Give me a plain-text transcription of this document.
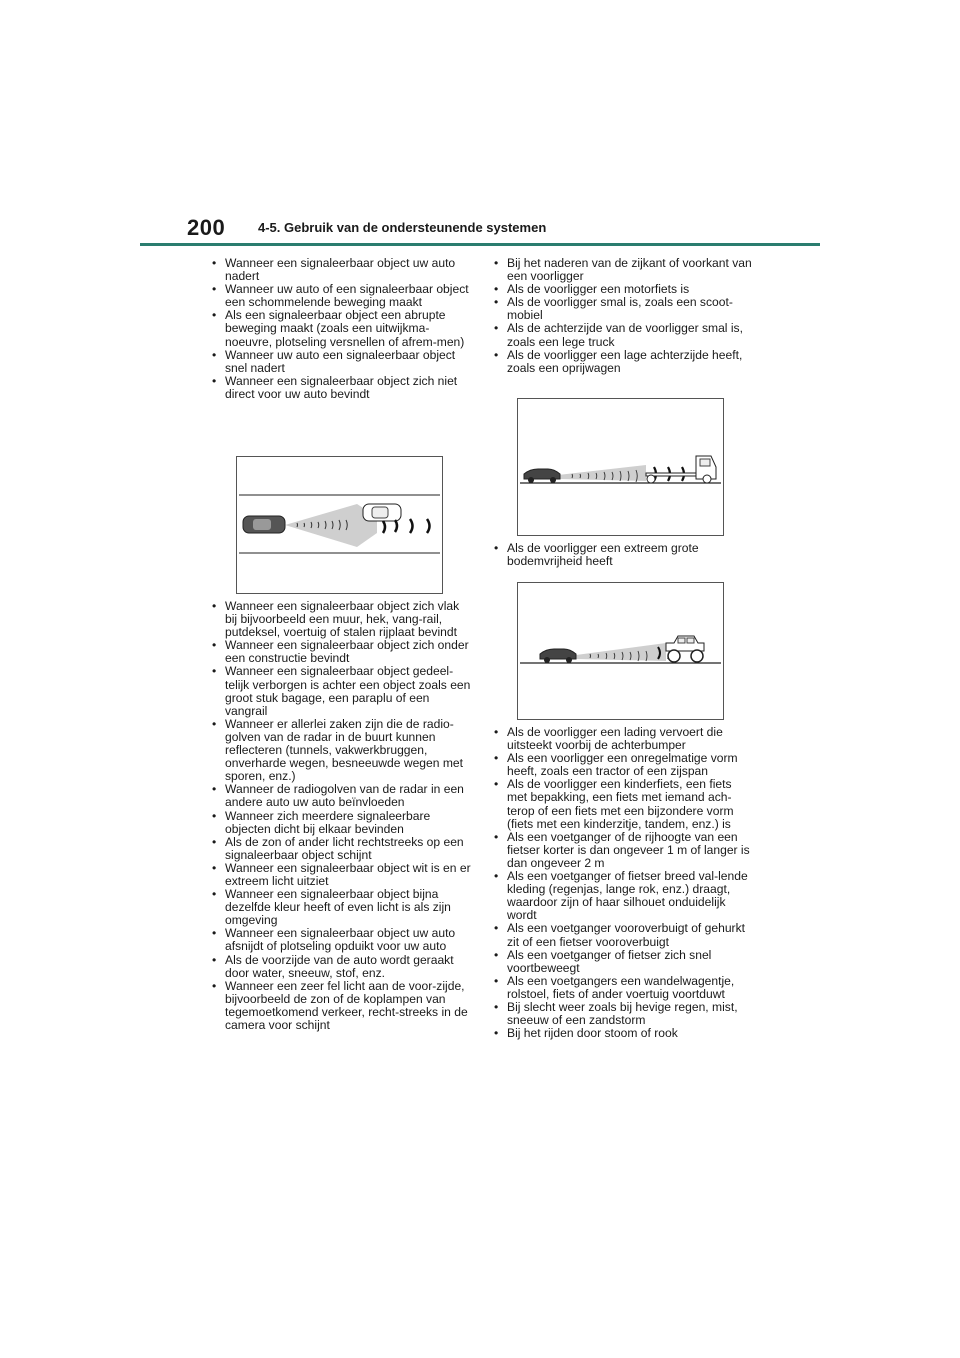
200	4-5. Gebruik van de ondersteunende systemen
• Wanneer een signaleerbaar object uw auto nadert
• Wanneer uw auto of een signaleerbaar object een schommelende beweging maakt
• Als een signaleerbaar object een abrupte beweging maakt (zoals een uitwijkma-noeuvre, plotseling versnellen of afrem-men)
• Wanneer uw auto een signaleerbaar object snel nadert
• Wanneer een signaleerbaar object zich niet direct voor uw auto bevindt
• Wanneer een signaleerbaar object zich vlak bij bijvoorbeeld een muur, hek, vang-rail, putdeksel, voertuig of stalen rijplaat bevindt
• Wanneer een signaleerbaar object zich onder een constructie bevindt
• Wanneer een signaleerbaar object gedeel-telijk verborgen is achter een object zoals een groot stuk bagage, een paraplu of een vangrail
• Wanneer er allerlei zaken zijn die de radio-golven van de radar in de buurt kunnen reflecteren (tunnels, vakwerkbruggen, onverharde wegen, besneeuwde wegen met sporen, enz.)
• Wanneer de radiogolven van de radar in een andere auto uw auto beïnvloeden
• Wanneer zich meerdere signaleerbare objecten dicht bij elkaar bevinden
• Als de zon of ander licht rechtstreeks op een signaleerbaar object schijnt
• Wanneer een signaleerbaar object wit is en er extreem licht uitziet
• Wanneer een signaleerbaar object bijna dezelfde kleur heeft of even licht is als zijn omgeving
• Wanneer een signaleerbaar object uw auto afsnijdt of plotseling opduikt voor uw auto
• Als de voorzijde van de auto wordt geraakt door water, sneeuw, stof, enz.
• Wanneer een zeer fel licht aan de voor-zijde, bijvoorbeeld de zon of de koplampen van tegemoetkomend verkeer, recht-streeks in de camera voor schijnt
• Bij het naderen van de zijkant of voorkant van een voorligger
• Als de voorligger een motorfiets is
• Als de voorligger smal is, zoals een scoot-mobiel
• Als de achterzijde van de voorligger smal is, zoals een lege truck
• Als de voorligger een lage achterzijde heeft, zoals een oprijwagen
• Als de voorligger een extreem grote bodemvrijheid heeft
• Als de voorligger een lading vervoert die uitsteekt voorbij de achterbumper
• Als een voorligger een onregelmatige vorm heeft, zoals een tractor of een zijspan
• Als de voorligger een kinderfiets, een fiets met bepakking, een fiets met iemand ach-terop of een fiets met een bijzondere vorm (fiets met een kinderzitje, tandem, enz.) is
• Als een voetganger of de rijhoogte van een fietser korter is dan ongeveer 1 m of langer is dan ongeveer 2 m
• Als een voetganger of fietser breed val-lende kleding (regenjas, lange rok, enz.) draagt, waardoor zijn of haar silhouet onduidelijk wordt
• Als een voetganger vooroverbuigt of gehurkt zit of een fietser vooroverbuigt
• Als een voetganger of fietser zich snel voortbeweegt
• Als een voetgangers een wandelwagentje, rolstoel, fiets of ander voertuig voortduwt
• Bij slecht weer zoals bij hevige regen, mist, sneeuw of een zandstorm
• Bij het rijden door stoom of rook
